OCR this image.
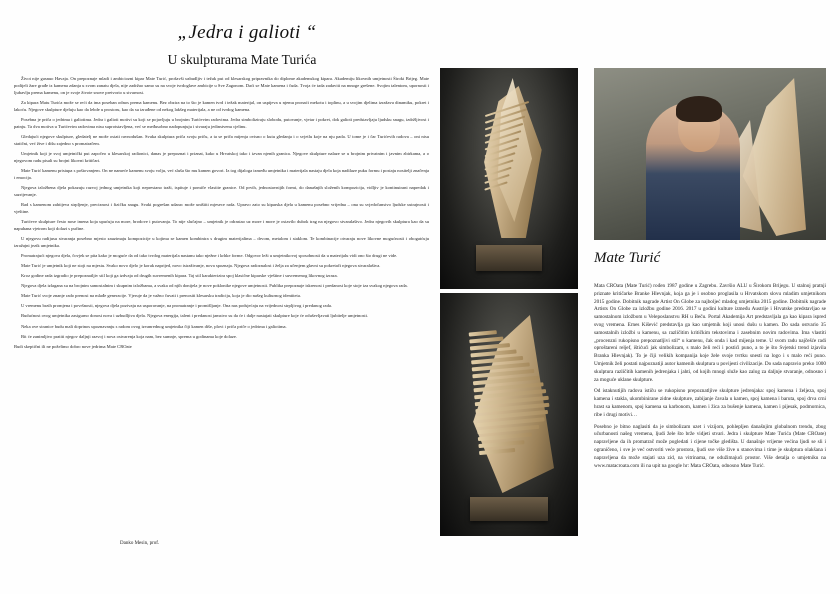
„Jedra i galioti “
U skulpturama Mate Turića

Život nije gasnuo Havaja. On prepoznaje mladi i ambiciozni kipar Mate Turić, prošavši uzbudljiv i težak put od klesarskog pripravnika do diplome akademskog kipara. Akademiju likovnih umjetnosti Široki Brijeg. Mate podijeli žare građe iz kamena zdanja u svom zanatu djela, nije zadržao samo su na svoje tvrdoglave ambicije u Sve Zagonom. Daći se Mate kamena i čuda. Tvoja će tada zadaviti na mnoge grešene. Svojim talentom, upornosti i ljubavlju prema kamenu, on je svoje živote snove pretvorio u stvarnost.

Za kipara Matu Turića može se reći da ima poseban odnos prema kamenu. Bez obzira na to što je kamen tvrd i težak materijal, on uspijeva u njemu pronaći mekotu i toplinu, a u svojim djelima izražava dinamiku, pokret i lakoću. Njegove skulpture djeluju kao da lebde u prostoru, kao da su izrađene od nekog lakšeg materijala, a ne od tvrdog kamena.

Posebna je priča o jedrima i galiotima. Jedra i galioti motivi su koji se pojavljuju u brojnim Turićevim radovima. Jedra simboliziraju slobodu, putovanje, vjetar i pokret, dok galioti predstavljaju ljudsku snagu, izdržljivost i patnju. Ta dva motiva u Turićevim radovima nisu suprotstavljena, već se međusobno nadopunjuju i stvaraju jedinstvenu cjelinu.

Gledajući njegove skulpture, gledatelj ne može ostati ravnodušan. Svaka skulptura priča svoju priču, a ta se priča mijenja ovisno o kutu gledanja i o svjetlu koje na nju pada. U tome je i čar Turićevih radova – oni nisu statični, već žive i dišu zajedno s promatračem.

Umjetnik koji je svoj umjetnički put započeo u klesarskoj radionici, danas je prepoznat i priznat, kako u Hrvatskoj tako i izvan njenih granica. Njegove skulpture nalaze se u brojnim privatnim i javnim zbirkama, a o njegovom radu pisali su brojni likovni kritičari.

Mate Turić kamenu pristupa s poštovanjem. On ne nameće kamenu svoju volju, već sluša što mu kamen govori. Iz tog dijaloga između umjetnika i materijala nastaju djela koja nadilaze puku formu i postaju nositelji značenja i emocija.

Njegova izložbena djela pokazuju razvoj jednog umjetnika koji neprestano traži, ispituje i pomiče vlastite granice. Od prvih, jednostavnijih formi, do današnjih složenih kompozicija, vidljiv je kontinuirani napredak i sazrijevanje.

Rad s kamenom zahtijeva strpljenje, preciznost i fizičku snagu. Svaki pogrešan udarac može uništiti mjesece rada. Upravo zato su kiparska djela u kamenu posebno vrijedna – ona su svjedočanstvo ljudske ustrajnosti i vještine.

Turićeve skulpture često nose imena koja upućuju na more, brodove i putovanja. To nije slučajno – umjetnik je odrastao uz more i more je ostavilo dubok trag na njegovo stvaralaštvo. Jedra njegovih skulptura kao da su napuhana vjetrom koji dolazi s pučine.

U njegovu radijusu stvaranja posebno mjesto zauzimaju kompozicije u kojima se kamen kombinira s drugim materijalima – drvom, metalom i staklom. Te kombinacije otvaraju nove likovne mogućnosti i obogatćuju izražajni jezik umjetnika.

Promatrajući njegova djela, čovjek se pita kako je moguće da od tako tvrdog materijala nastanu tako nježne i krhke forme. Odgovor leži u umjetnikovoj sposobnosti da u materijalu vidi ono što drugi ne vide.

Mate Turić je umjetnik koji ne stoji na mjestu. Svako novo djelo je korak naprijed, novo istraživanje, nova spoznaja. Njegova radoznalost i želja za učenjem glavni su pokretači njegova stvaralaštva.

Kroz godine rada izgradio je prepoznatljiv stil koji ga izdvaja od drugih suvremenih kipara. Taj stil karakterizira spoj klasične kiparske vještine i suvremenog likovnog izraza.

Njegova djela izlagana su na brojnim samostalnim i skupnim izložbama, a svaka od njih donijela je nove poklonike njegove umjetnosti. Publika prepoznaje iskrenost i predanost koje stoje iza svakog njegova rada.

Mate Turić svoje znanje rado prenosi na mlađe generacije. Vjeruje da je važno čuvati i prenositi klesarsku tradiciju, koja je dio našeg kulturnog identiteta.

U vremenu brzih promjena i površnosti, njegova djela pozivaju na usporavanje, na promatranje i promišljanje. Ona nas podsjećaju na vrijednost strpljivog i predanog rada.

Budućnost ovog umjetnika zasigurno donosi nova i uzbudljiva djela. Njegova energija, talent i predanost jamstvo su da će i dalje nastajati skulpture koje će oduševljavati ljubitelje umjetnosti.

Neka ove stranice budu mali doprinos upoznavanju s radom ovog izvanrednog umjetnika čiji kamen diše, plovi i priča priče o jedrima i galiotima.

Bit će zanimljivo pratiti njegov daljnji razvoj i nova ostvarenja koja nam, bez sumnje, sprema u godinama koje dolaze.

Budi skeptični ili ne poželimo dobro nove jedrima Mate CROate

Danko Mesin, prof.
Mate Turić

Mata CROata (Mate Turić) rođen 1987 godine u Zagrebu. Završio ALU u Širokom Brijegu. U stalnoj pratnji priznate kritičarke Branke Hlevnjak, koja ga je i osobno proglasila u Hrvatskom slovu mladim umjetnikom 2015 godine. Dobitnik nagrade Artist On Globe za najboljeć mladog umjetnika 2015 godine. Dobitnik nagrade Artists On Globe za izložbu godine 2016. 2017 u godini kulture između Austrije i Hrvatske predstavljao se samostalnom izložbom u Veleposlanstvu RH u Beču. Portal Akademija Art predstavljala ga kao kipara ispred svog vremena. Ernes Kišević predstavlja ga kao umjetnik koji unosi dušu u kamen. Do sada ostvario 35 samostalnih izložbi u kamenu, sa različitim kritičkim tekstovima i zasebnim novim radovima. Ima vlastiti „procenzni rukopisno prepoznatljivi stil“ u kamenu, čak onda i kad mijenja teme. U svom radu najčešće radi oproštareni reljef, ištićući jak simbolizam, s malo želi reći i postići puno, a to je što Svjetski trend izjavila Branka Hlevnjak). To je čiji velikih kompanija koje žele svoje tvrtku snesti na logo i s malo reći puno. Umjetnik želi postati najpoznatiji autor kamenih skulptura u povijesti civilizacije. Do sada napravio preko 1000 skulptura različitih kamenih jedrenjaka i jahti, od kojih mnogi služe kao zalog za daljnje stvaranje, odnosno i za moguće uklane skulpture.

Od istaknutijih radova ističu se rukopisno prepoznatljive skulpture jedrenjaka: spoj kamena i željeza, spoj kamena i stakla, ukombinirane zidne skulpture, zabijanje čavala u kamen, spoj kamena i baruta, spoj drva crni hrast sa kamenom, spoj kamena sa karbonom, kamen i žica za bušenje kamena, kamen i pijesak, podmornica, ribe i drugi motivi…

Posebno je bitno naglasiti da je simbolizam uzet i vizijom, pohlepljen današnjim globalnom trendu, zbog učurbanosti našeg vremena, ljudi žele što brže vidjeti stvari. Jedra i skulpture Mate Turića (Mate CROate) napravljene da ih promatrač može pogledati i cijene točke gledišta. U današnje vrijeme većina ljudi se sli i ograničeno, i sve je već ostvoriti veće prostora, ljudi sve više žive u stanovima i time je skulptura olakšana i napravljena da može stajati uza zid, na vitrinama, ne odužimajući prostor. Više detalja o umjetniku na www.matacroata.com ili na upit na google hr: Mata CROata, odnosno Mate Turić.
